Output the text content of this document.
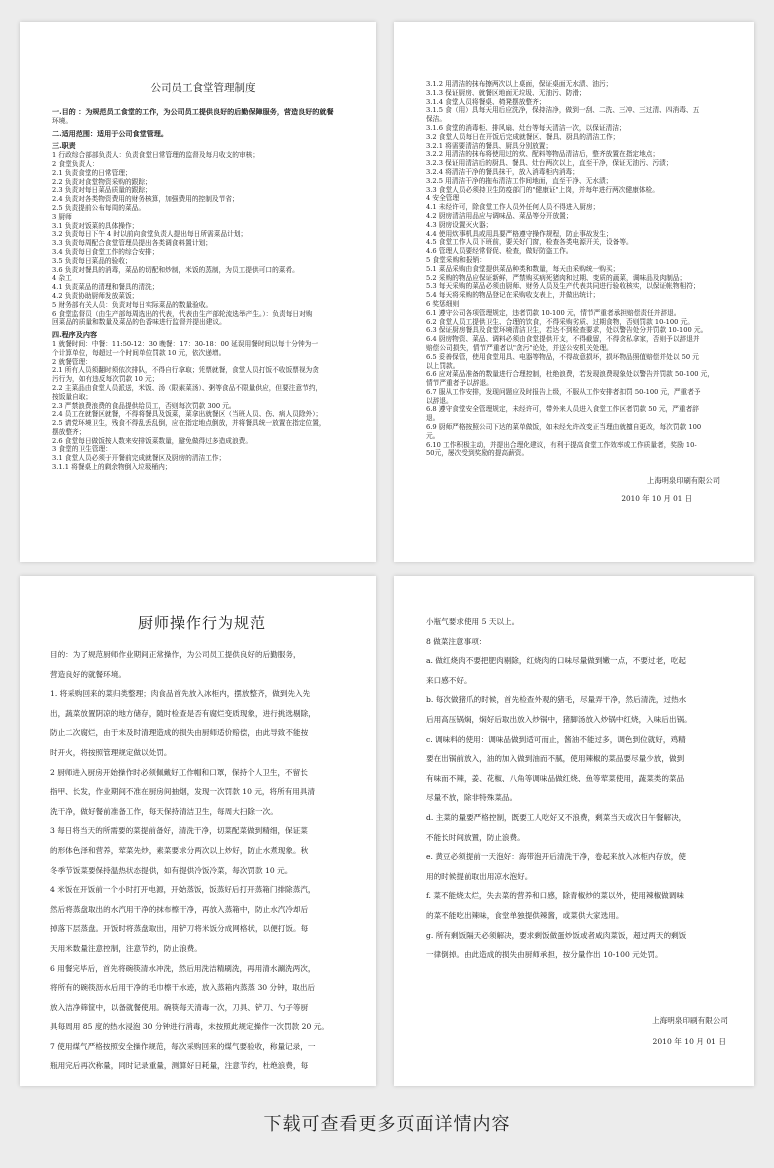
公司员工食堂管理制度
一.目的 ：为规范员工食堂的工作，为公司员工提供良好的后勤保障服务，营造良好的就餐
环境。
二.适用范围：适用于公司食堂管理。
三.职责
1 行政综合部部负责人：负责食堂日常管理的监督及每月收支的审核；
2 食堂负责人：
2.1 负责食堂的日常管理；
2.2 负责对食堂物资采购的跟踪；
2.3 负责对每日菜品质量的跟踪；
2.4 负责对各类物资费用的财务核算，加强费用的控制及节省；
2.5 负责提前公布每周的菜品。
3 厨师
3.1 负责对饭菜的具体操作；
3.2 负责每日下午 4 时以前向食堂负责人提出每日所需菜品计划；
3.3 负责每周配合食堂管理员提出各类调食料置计划；
3.4 负责每日食堂工作的综合安排；
3.5 负责每日菜品的验收；
3.6 负责对餐具的消毒，菜品的切配和炒制，米饭的蒸制，为员工提供可口的菜肴。
4 杂工
4.1 负责菜品的清理和餐具的清洗；
4.2 负责协助厨师发放菜饭；
5 财务部有关人员：负责对每日实际菜品的数量验收。
6 食堂监督员（由生产部每周选出的代表，代表由生产部轮流选举产生。）：负责每日对购
回菜品的质量和数量及菜品的色香味进行监督并提出建议。
四.程序及内容
1 就餐时间：中餐：11:50-12：30 晚餐：17：30-18：00 延误用餐时间以每十分钟为一
个计算单位，每超过一个时间单位罚款 10 元，依次递增。
2 就餐管理：
2.1 所有人员须翻时须依次排队，不得自行拿取；凭票就餐，食堂人员打饭不收饭票视为贪
污行为，如有违反每次罚款 10 元；
2.2 主菜品由食堂人员派送，米饭、汤（限素菜汤）、粥等食品不限量供应，但要注意节约，
按饭量自取；
2.3 严禁浪费浪费的食品提供给员工，否则每次罚款 300 元。
2.4 员工在就餐区就餐，不得将餐具及饭菜，菜拿出就餐区（当班人员、伤、病人员除外）；
2.5 请党环境卫生，残食不得乱丢乱倒，应在指定地点倒放，并将餐具统一放置在指定位置，
摆放整齐；
2.6 食堂每日做饭按人数来安排饭菜数量，避免做得过多造成浪费。
3 食堂的卫生管理：
3.1 食堂人员必须于开餐前完成就餐区及厨房的清洁工作；
3.1.1 将餐桌上的剩余物倒入垃圾桶内；
3.1.2 用清洁的抹布擦两次以上桌面，保证桌面无水渍、油污；
3.1.3 保证厨房、就餐区地面无垃圾、无油污、防滑；
3.1.4 食堂人员将餐桌、椅凳摆放整齐；
3.1.5 食（用）具每天用后应洗净，保持洁净，做到一刮、二洗、三冲、三过清、四消毒、五
保洁。
3.1.6 食堂的消毒柜、排风扇、灶台等每天清洁一次，以保证清洁；
3.2 食堂人员每日在开饭后完成就餐区、餐具、厨具的清洁工作；
3.2.1 将需要清洁的餐具、厨具分别放置；
3.2.2 用清洁的抹布将使用过的炊、配料等物品清洁后，整齐放置在指定地点；
3.2.3 保证用清洁后的厨具、餐具、灶台两次以上，直至干净，保证无油污、污渍；
3.2.4 将清洁干净的餐具抹干，放入消毒柜内消毒；
3.2.5 用清洁干净的拖布清洁工作间地面，直至干净、无水渍；
3.3 食堂人员必须持卫生防疫部门的"健康证"上岗，并每年进行两次健康体检。
4 安全管理
4.1 未经许可，除食堂工作人员外任何人员不得进入厨房；
4.2 厨房清洁用品应与调味品、菜品等分开放置；
4.3 厨房设置灭火器；
4.4 使用炊事机具或用具要严格遵守操作规程，防止事故发生；
4.5 食堂工作人员下班前，要关好门窗，检查各类电源开关，设备等。
4.6 管理人员要经常督促、检查，做好防盗工作。
5 食堂采购和报销：
5.1 菜品采购由食堂提供菜品种类和数量，每天由采购统一购买；
5.2 采购的物品应保证新鲜，严禁购买病死猪肉和过期、变质的蔬菜，调味品及肉制品；
5.3 每天采购的菜品必须由厨师、财务人员及生产代表共同进行验收核实，以保证帐物相符；
5.4 每天将采购的物品登记在采购收支表上，并做出统计；
6 奖惩细则
6.1 遵守公司各项管理规定，违者罚款 10-100 元，情节严重者承担赔偿责任并辞退。
6.2 食堂人员工提供卫生、合理的饮食，不得采购劣质、过期食物，否则罚款 10-100 元。
6.3 保证厨房餐具及食堂环境清洁卫生，若达不到检查要求，处以警告处分并罚款 10-100 元。
6.4 厨房物资、菜品、调料必须由食堂提供开支，不得截留，不得贪私拿家，否则予以辞退并
赔偿公司损失，情节严重者以"贪污"论处，并送公安机关处理。
6.5 妥善保管，使用食堂用具、电器等物品，不得故意损坏，损坏物品照值赔偿并处以 50 元
以上罚款。
6.6 应对菜品准备的数量进行合理控制，杜绝浪费，若发现浪费现象处以警告并罚款 50-100 元，
情节严重者予以辞退。
6.7 服从工作安排，发现问题应及时报告上级，不服从工作安排者扣罚 50-100 元，严重者予
以辞退。
6.8 遵守食堂安全管理规定，未经许可，带外来人员进入食堂工作区者罚款 50 元，严重者辞
退。
6.9 厨师严格按照公司下达的菜单做饭，如未经允许改变正当理由就擅自更改，每次罚款 100
元。
6.10 工作积极主动，并提出合理化建议，有利于提高食堂工作效率或工作质量者，奖励 10-
50元，屡次受到奖励的提高薪资。
上海明泉印刷有限公司
2010 年 10 月 01 日
厨师操作行为规范
目的：为了规范厨师作业期间正常操作，为公司员工提供良好的后勤服务，
营造良好的就餐环境。
1. 将采购回来的菜归类整理；肉食品首先放入冰柜内，摆放整齐，做到先入先
出，蔬菜放置阴凉的地方储存，随时检查是否有腐烂变质现象，进行挑选剔除，
防止二次腐烂，由于未及时清理造成的损失由厨师适价赔偿，由此导致不能按
时开火，将按照管理规定做以处罚。
2 厨师进入厨房开始操作时必须佩戴好工作帽和口罩，保持个人卫生，不留长
指甲、长发，作业期间不准在厨房间抽烟，发现一次罚款 10 元，将所有用具清
洗干净，做好餐前准备工作，每天保持清洁卫生，每周大扫除一次。
3 每日将当天的所需要的菜提前备好，清洗干净，切菜配菜做到精细，保证菜
的形体色泽和营养，荤菜先炒，素菜要求分两次以上炒好，防止水煮现象。秋
冬季节饭菜要保持温热状态提供，如有提供冷饭冷菜，每次罚款 10 元。
4 米饭在开饭前一个小时打开电源，开始蒸饭，饭蒸好后打开蒸箱门排除蒸汽，
然后将蒸盘取出的水汽用干净的抹布檫干净，再放入蒸箱中，防止水汽冷却后
掉落下层蒸盘。开饭时将蒸盘取出，用铲刀将米饭分成网格状，以便打饭。每
天用米数量注意控制，注意节约，防止浪费。
6 用餐完毕后，首先将碗筷清水冲洗，然后用洗洁精刷洗，再用清水涮洗两次，
将所有的碗筷沥水后用干净的毛巾檫干水迹，放入蒸箱内蒸蒸 30 分钟，取出后
放入洁净筛筐中，以备就餐使用。碗筷每天清毒一次，刀具、铲刀、勺子等厨
具每周用 85 度的热水浸泡 30 分钟进行消毒，未按照此规定操作一次罚款 20 元。
7 使用煤气严格按照安全操作规范，每次采购回来的煤气要验收，称量记录，一
瓶用完后再次称量，同时记录重量，测算好日耗量，注意节约，杜绝浪费，每
小瓶气要求使用 5 天以上。
8 做菜注意事项：
a. 做红烧肉不要把肥肉剔除，红烧肉的口味尽量做到嫩一点，不要过老，吃起
来口感不好。
b. 每次做猪爪的时候，首先检查外观的猪毛，尽量弄干净，然后清洗，过热水
后用高压锅焖，焖好后取出放入炒锅中，猪脚汤放入炒锅中红烧，入味后出锅。
c. 调味料的使用：调味品做到适可而止，酱油不能过多，调色到位就好，鸡精
要在出锅前放入，油的加入做到油而不腻，使用辣椒的菜品要尽量少放，做到
有味而不辣，姜、花椒、八角等调味品做红烧、鱼等荤菜使用，蔬菜类的菜品
尽量不放，除非特殊菜品。
d. 主菜的量要严格控制，既要工人吃好又不浪费，剩菜当天或次日午餐解决，
不能长时间放置，防止浪费。
e. 黄豆必须提前一天泡好：海带泡开后清洗干净，卷起来放入冰柜内存放，使
用的时候提前取出用凉水泡好。
f. 菜不能烧太烂，失去菜的营养和口感，除青椒炒的菜以外，使用辣椒做调味
的菜不能吃出辣味，食堂单独提供辣酱，或菜供大家选用。
g. 所有剩饭隔天必须解决，要求剩饭做蛋炒饭或者咸肉菜饭，超过两天的剩饭
一律倒掉。由此造成的损失由厨师承担，按分量作出 10-100 元处罚。
上海明泉印刷有限公司
2010 年 10 月 01 日
下载可查看更多页面详情内容
